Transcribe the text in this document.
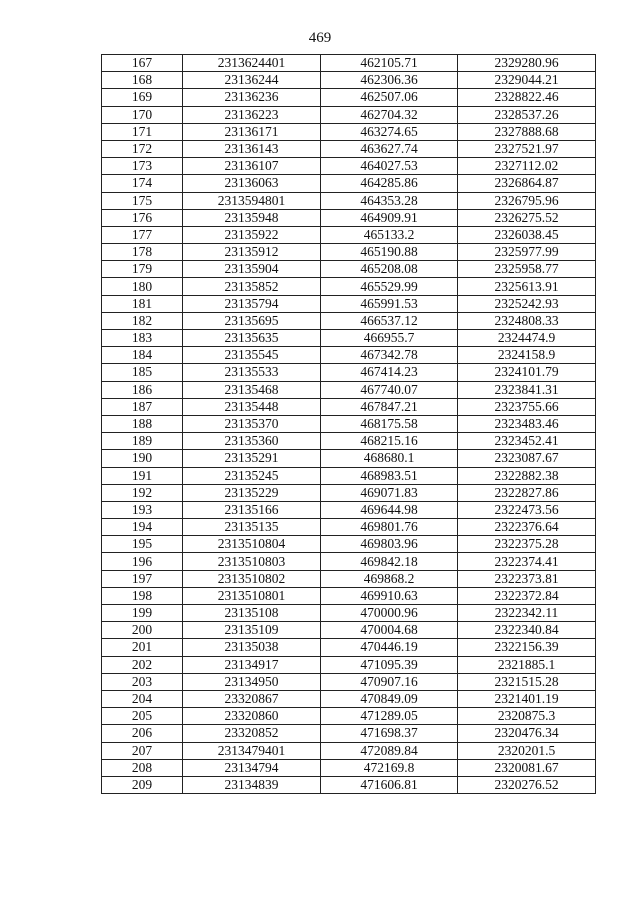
469
167	2313624401	462105.71	2329280.96
168	23136244	462306.36	2329044.21
169	23136236	462507.06	2328822.46
170	23136223	462704.32	2328537.26
171	23136171	463274.65	2327888.68
172	23136143	463627.74	2327521.97
173	23136107	464027.53	2327112.02
174	23136063	464285.86	2326864.87
175	2313594801	464353.28	2326795.96
176	23135948	464909.91	2326275.52
177	23135922	465133.2	2326038.45
178	23135912	465190.88	2325977.99
179	23135904	465208.08	2325958.77
180	23135852	465529.99	2325613.91
181	23135794	465991.53	2325242.93
182	23135695	466537.12	2324808.33
183	23135635	466955.7	2324474.9
184	23135545	467342.78	2324158.9
185	23135533	467414.23	2324101.79
186	23135468	467740.07	2323841.31
187	23135448	467847.21	2323755.66
188	23135370	468175.58	2323483.46
189	23135360	468215.16	2323452.41
190	23135291	468680.1	2323087.67
191	23135245	468983.51	2322882.38
192	23135229	469071.83	2322827.86
193	23135166	469644.98	2322473.56
194	23135135	469801.76	2322376.64
195	2313510804	469803.96	2322375.28
196	2313510803	469842.18	2322374.41
197	2313510802	469868.2	2322373.81
198	2313510801	469910.63	2322372.84
199	23135108	470000.96	2322342.11
200	23135109	470004.68	2322340.84
201	23135038	470446.19	2322156.39
202	23134917	471095.39	2321885.1
203	23134950	470907.16	2321515.28
204	23320867	470849.09	2321401.19
205	23320860	471289.05	2320875.3
206	23320852	471698.37	2320476.34
207	2313479401	472089.84	2320201.5
208	23134794	472169.8	2320081.67
209	23134839	471606.81	2320276.52
